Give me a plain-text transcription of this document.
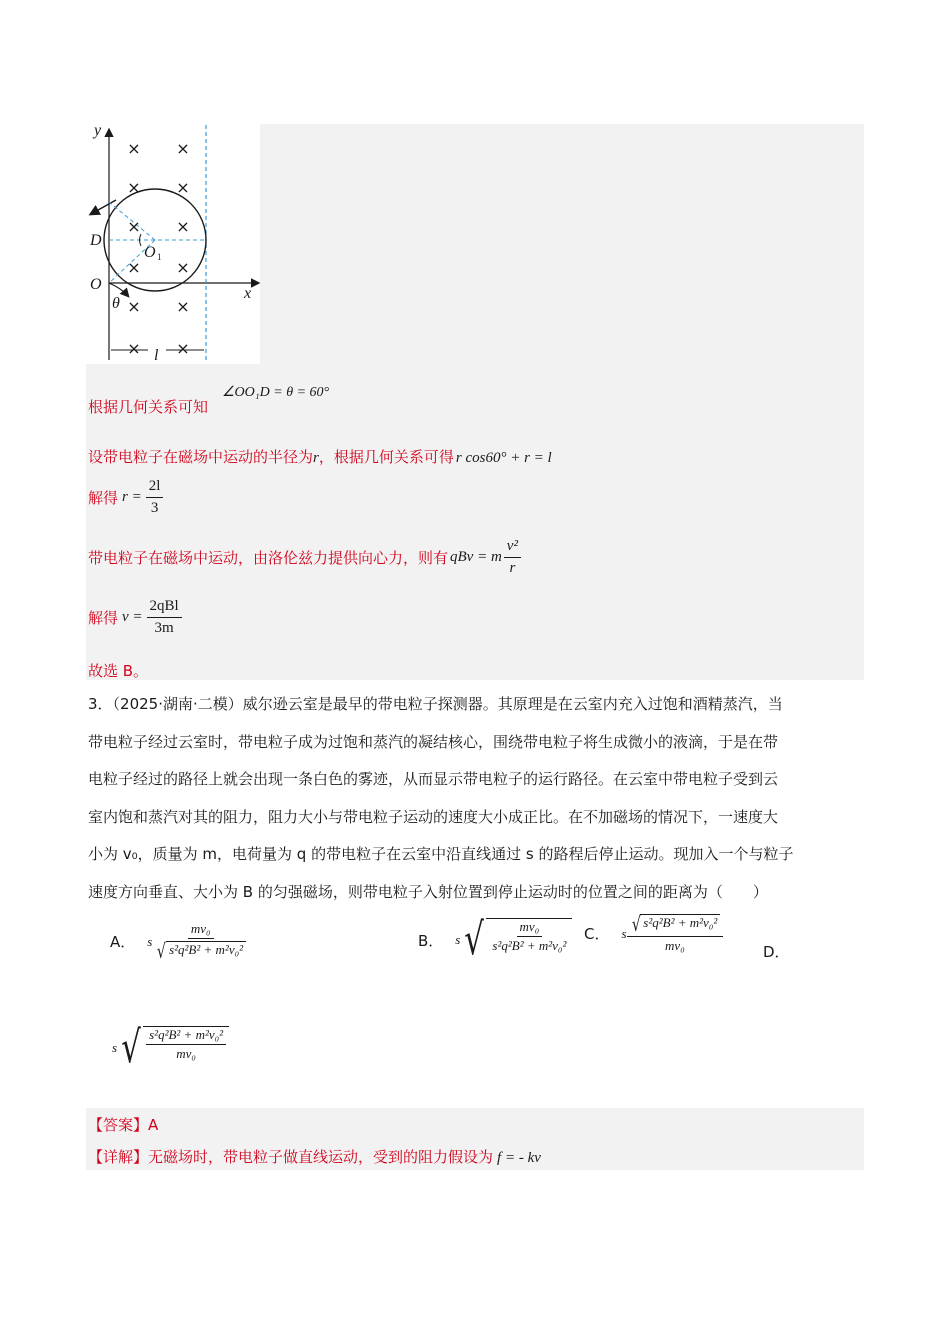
× ×
× ×
× ×
× ×
× ×
× ×
y
x
D
O
O 1
θ
l
根据几何关系可知
∠OO₁D = θ = 60°
设带电粒子在磁场中运动的半径为r，根据几何关系可得 r cos60° + r = l
解得 $r = \frac{2l}{3}$
带电粒子在磁场中运动，由洛伦兹力提供向心力，则有 qBv = m $\frac{\text{v²}}{r}$
解得 $v = \frac{\text{2qBl}}{3m}$
故选 B。
3．（2025·湖南·二模）威尔逊云室是最早的带电粒子探测器。其原理是在云室内充入过饱和酒精蒸汽，当
带电粒子经过云室时，带电粒子成为过饱和蒸汽的凝结核心，围绕带电粒子将生成微小的液滴，于是在带
电粒子经过的路径上就会出现一条白色的雾迹，从而显示带电粒子的运行路径。在云室中带电粒子受到云
室内饱和蒸汽对其的阻力，阻力大小与带电粒子运动的速度大小成正比。在不加磁场的情况下，一速度大
小为 v₀，质量为 m，电荷量为 q 的带电粒子在云室中沿直线通过 s 的路程后停止运动。现加入一个与粒子
速度方向垂直、大小为 B 的匀强磁场，则带电粒子入射位置到停止运动时的位置之间的距离为（　　）
A． s $\frac{\text{mv₀}}{\text{√ s²q²B² + m²v₀²}}$	B． s √ $\frac{\text{mv₀}}{\text{s²q²B² + m²v₀²}}$ C． s $\frac{\text{√ s²q²B² + m²v₀²}}{\text{mv₀}}$	D．
s √ $\frac{\text{s²q²B² + m²v₀²}}{\text{mv₀}}$
【答案】A
【详解】无磁场时，带电粒子做直线运动，受到的阻力假设为 f = - kv
